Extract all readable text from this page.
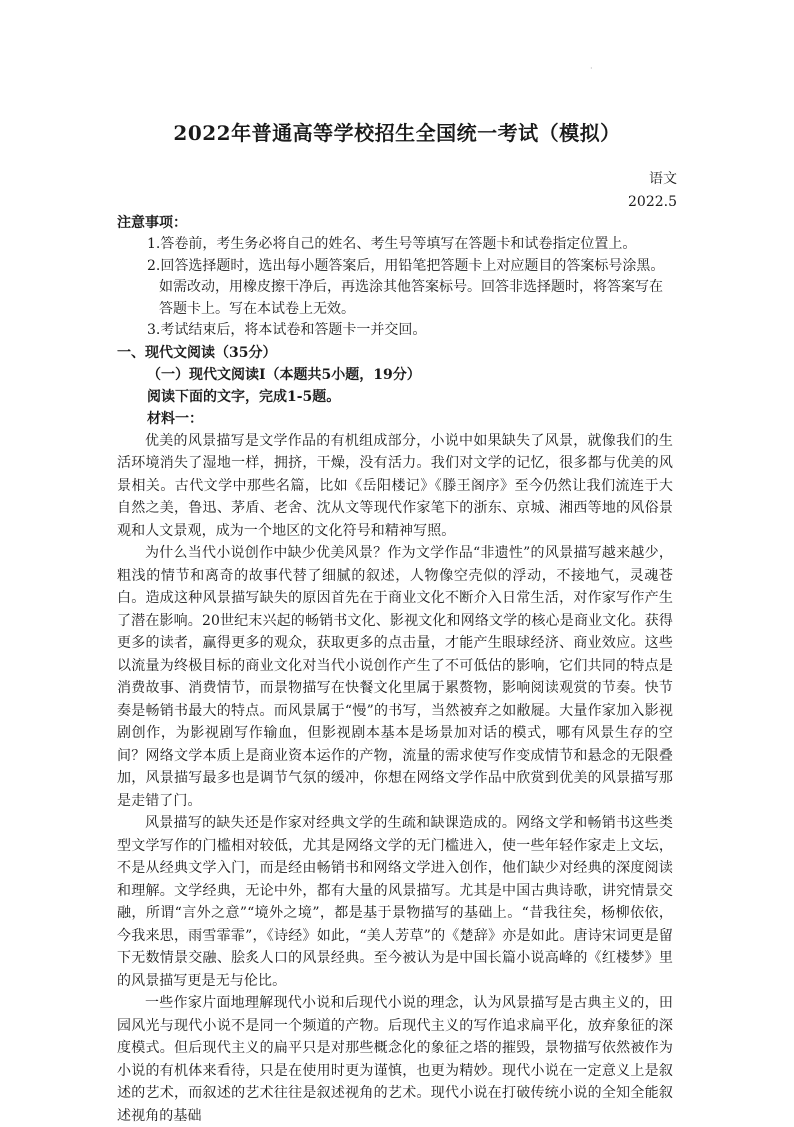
·
2022年普通高等学校招生全国统一考试（模拟）
语文
2022.5

注意事项：

1.答卷前，考生务必将自己的姓名、考生号等填写在答题卡和试卷指定位置上。
2.回答选择题时，选出每小题答案后，用铅笔把答题卡上对应题目的答案标号涂黑。如需改动，用橡皮擦干净后，再选涂其他答案标号。回答非选择题时，将答案写在答题卡上。写在本试卷上无效。
3.考试结束后，将本试卷和答题卡一并交回。

一、现代文阅读（35分）

（一）现代文阅读Ⅰ（本题共5小题，19分）

阅读下面的文字，完成1-5题。

材料一：

优美的风景描写是文学作品的有机组成部分，小说中如果缺失了风景，就像我们的生活环境消失了湿地一样，拥挤，干燥，没有活力。我们对文学的记忆，很多都与优美的风景相关。古代文学中那些名篇，比如《岳阳楼记》《滕王阁序》至今仍然让我们流连于大自然之美，鲁迅、茅盾、老舍、沈从文等现代作家笔下的浙东、京城、湘西等地的风俗景观和人文景观，成为一个地区的文化符号和精神写照。

为什么当代小说创作中缺少优美风景？作为文学作品“非遗性”的风景描写越来越少，粗浅的情节和离奇的故事代替了细腻的叙述，人物像空壳似的浮动，不接地气，灵魂苍白。造成这种风景描写缺失的原因首先在于商业文化不断介入日常生活，对作家写作产生了潜在影响。20世纪末兴起的畅销书文化、影视文化和网络文学的核心是商业文化。获得更多的读者，赢得更多的观众，获取更多的点击量，才能产生眼球经济、商业效应。这些以流量为终极目标的商业文化对当代小说创作产生了不可低估的影响，它们共同的特点是消费故事、消费情节，而景物描写在快餐文化里属于累赘物，影响阅读观赏的节奏。快节奏是畅销书最大的特点。而风景属于“慢”的书写，当然被弃之如敝屣。大量作家加入影视剧创作，为影视剧写作输血，但影视剧本基本是场景加对话的模式，哪有风景生存的空间？网络文学本质上是商业资本运作的产物，流量的需求使写作变成情节和悬念的无限叠加，风景描写最多也是调节气氛的缓冲，你想在网络文学作品中欣赏到优美的风景描写那是走错了门。

风景描写的缺失还是作家对经典文学的生疏和缺课造成的。网络文学和畅销书这些类型文学写作的门槛相对较低，尤其是网络文学的无门槛进入，使一些年轻作家走上文坛，不是从经典文学入门，而是经由畅销书和网络文学进入创作，他们缺少对经典的深度阅读和理解。文学经典，无论中外，都有大量的风景描写。尤其是中国古典诗歌，讲究情景交融，所谓“言外之意”“境外之境”，都是基于景物描写的基础上。“昔我往矣，杨柳依依，今我来思，雨雪霏霏”，《诗经》如此，“美人芳草”的《楚辞》亦是如此。唐诗宋词更是留下无数情景交融、脍炙人口的风景经典。至今被认为是中国长篇小说高峰的《红楼梦》里的风景描写更是无与伦比。

一些作家片面地理解现代小说和后现代小说的理念，认为风景描写是古典主义的，田园风光与现代小说不是同一个频道的产物。后现代主义的写作追求扁平化，放弃象征的深度模式。但后现代主义的扁平只是对那些概念化的象征之塔的摧毁，景物描写依然被作为小说的有机体来看待，只是在使用时更为谨慎，也更为精妙。现代小说在一定意义上是叙述的艺术，而叙述的艺术往往是叙述视角的艺术。现代小说在打破传统小说的全知全能叙述视角的基础
